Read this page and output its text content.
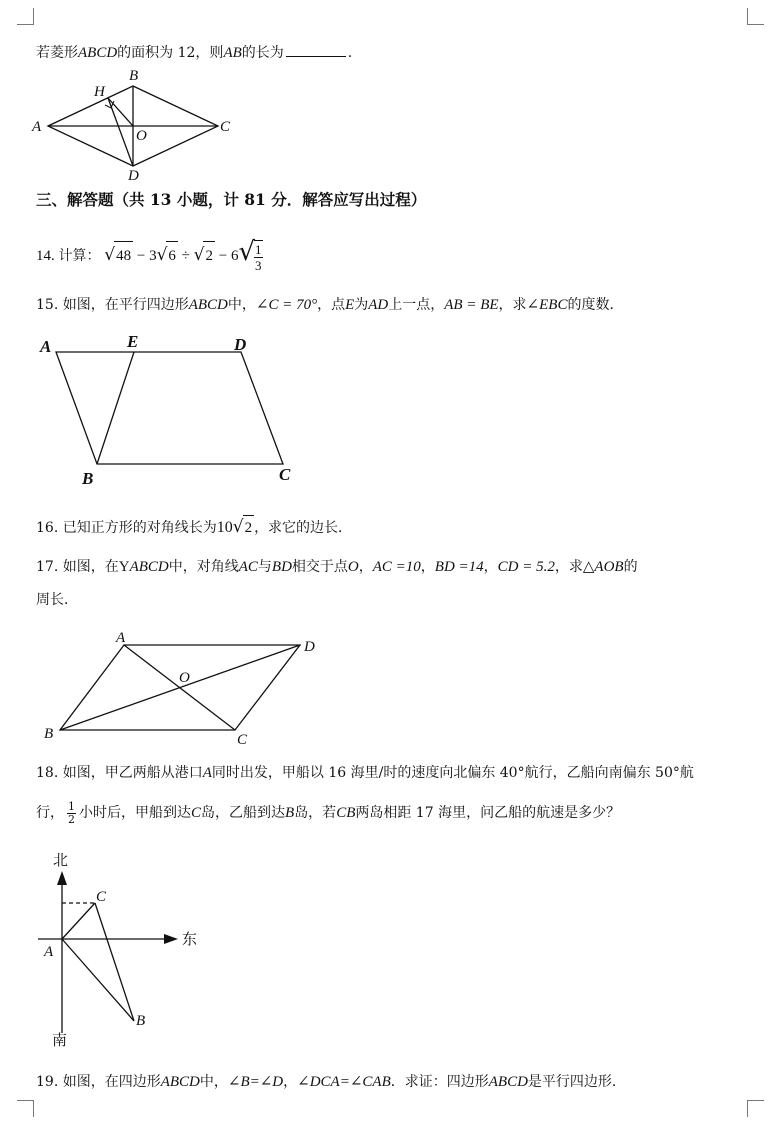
若菱形ABCD的面积为 12，则AB的长为	.
A
B
C
D
H
O
三、解答题（共 13 小题，计 81 分．解答应写出过程）
14. 计算： $√48 - 3√6 \div √2 - 6√ \frac{1}{3}$
15. 如图，在平行四边形ABCD中，∠C = 70°，点E为AD上一点，AB = BE，求∠EBC的度数．
A	E	D
B	C
16. 已知正方形的对角线长为10√2 ，求它的边长．
17. 如图，在YABCD中，对角线AC与BD相交于点O，AC =10，BD =14，CD = 5.2，求△AOB的
周长．
A
D
O
B	C
18. 如图，甲乙两船从港口A同时出发，甲船以 16 海里/时的速度向北偏东 40°航行，乙船向南偏东 50°航
行， $\frac{1}{2}$ 小时后，甲船到达C岛，乙船到达B岛，若CB两岛相距 17 海里，问乙船的航速是多少？
北
东
南
A
B
C
19. 如图，在四边形ABCD中，∠B=∠D，∠DCA=∠CAB．求证：四边形ABCD是平行四边形．
